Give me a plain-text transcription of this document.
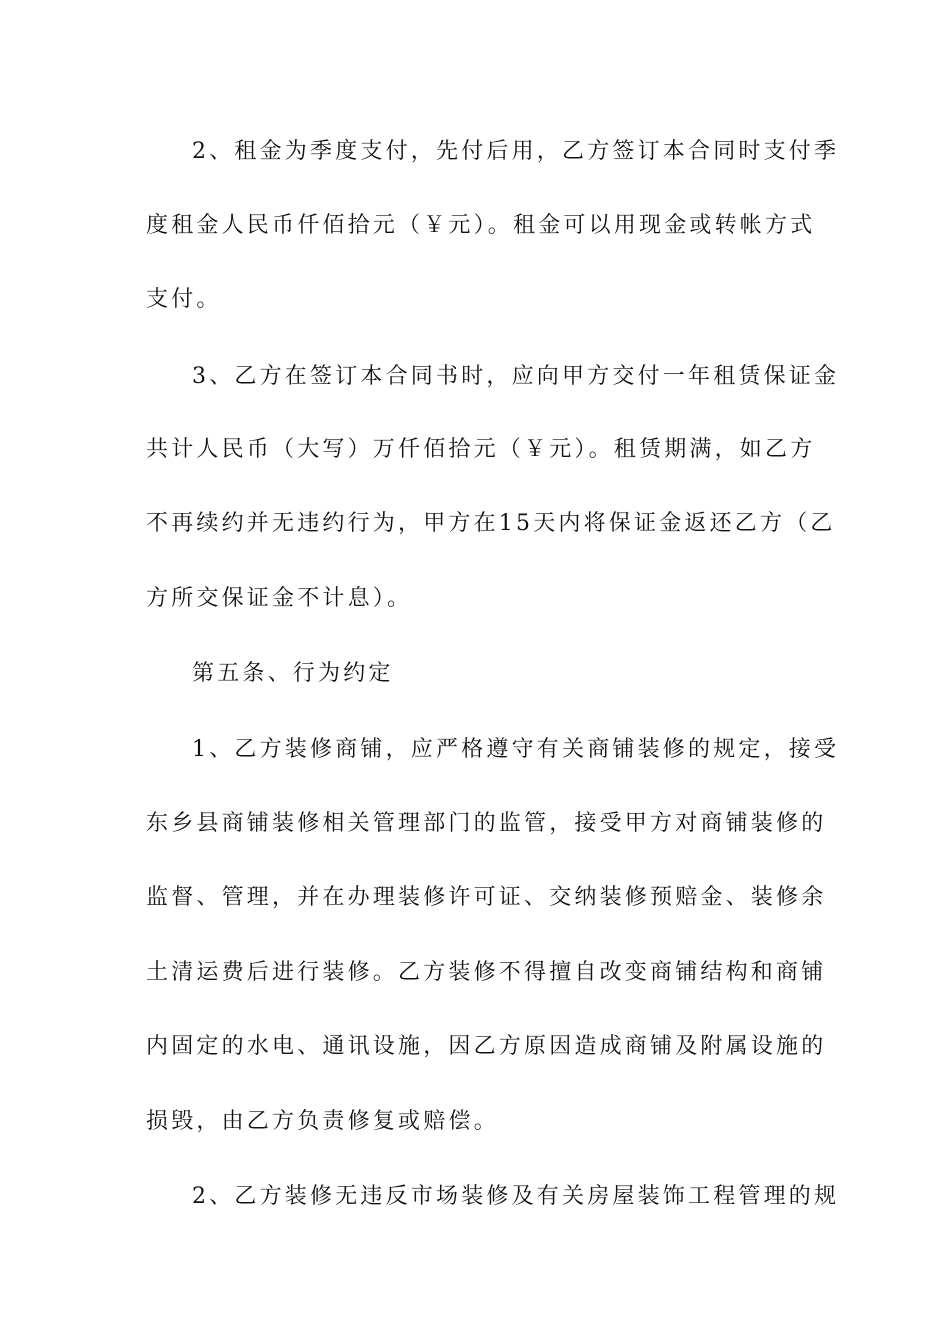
2、租金为季度支付，先付后用，乙方签订本合同时支付季
度租金人民币仟佰拾元（￥元）。租金可以用现金或转帐方式
支付。
3、乙方在签订本合同书时，应向甲方交付一年租赁保证金
共计人民币（大写）万仟佰拾元（￥元）。租赁期满，如乙方
不再续约并无违约行为，甲方在15天内将保证金返还乙方（乙
方所交保证金不计息）。
第五条、行为约定
1、乙方装修商铺，应严格遵守有关商铺装修的规定，接受
东乡县商铺装修相关管理部门的监管，接受甲方对商铺装修的
监督、管理，并在办理装修许可证、交纳装修预赔金、装修余
土清运费后进行装修。乙方装修不得擅自改变商铺结构和商铺
内固定的水电、通讯设施，因乙方原因造成商铺及附属设施的
损毁，由乙方负责修复或赔偿。
2、乙方装修无违反市场装修及有关房屋装饰工程管理的规
